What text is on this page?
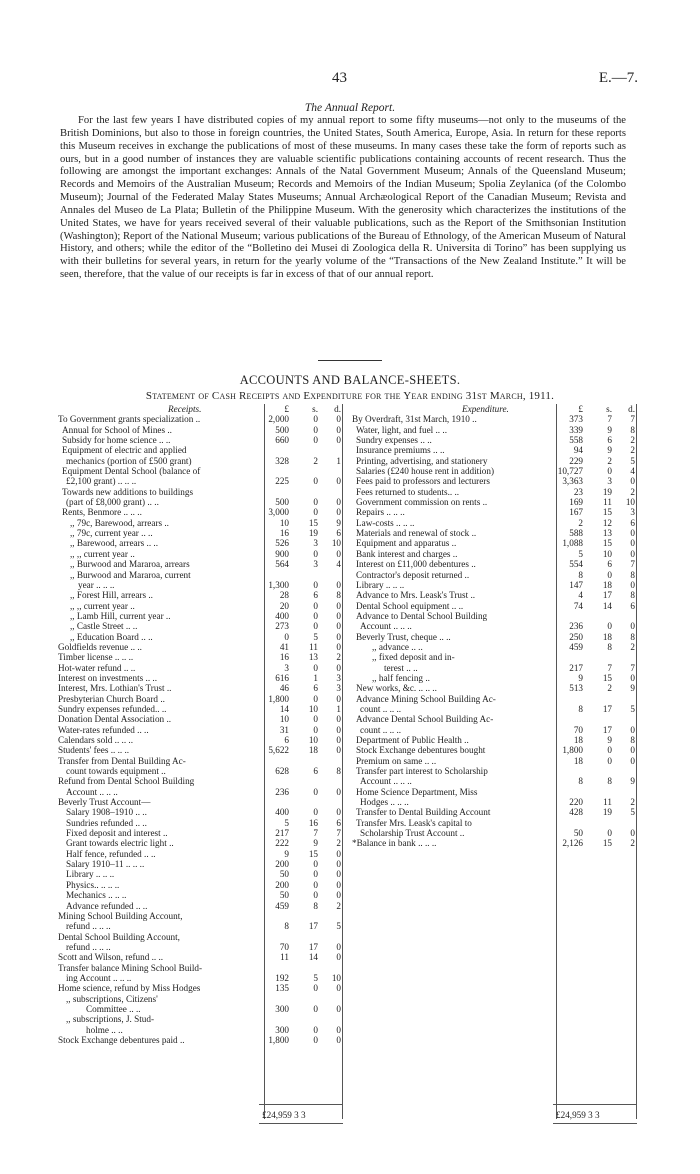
43	E.—7.
The Annual Report.

For the last few years I have distributed copies of my annual report to some fifty museums—not only to the museums of the British Dominions, but also to those in foreign countries, the United States, South America, Europe, Asia. In return for these reports this Museum receives in exchange the publications of most of these museums. In many cases these take the form of reports such as ours, but in a good number of instances they are valuable scientific publications containing accounts of recent research. Thus the following are amongst the important exchanges: Annals of the Natal Government Museum; Annals of the Queensland Museum; Records and Memoirs of the Australian Museum; Records and Memoirs of the Indian Museum; Spolia Zeylanica (of the Colombo Museum); Journal of the Federated Malay States Museums; Annual Archæological Report of the Canadian Museum; Revista and Annales del Museo de La Plata; Bulletin of the Philippine Museum. With the generosity which characterizes the institutions of the United States, we have for years received several of their valuable publications, such as the Report of the Smithsonian Institution (Washington); Report of the National Museum; various publications of the Bureau of Ethnology, of the American Museum of Natural History, and others; while the editor of the “Bolletino dei Musei di Zoologica della R. Universita di Torino” has been supplying us with their bulletins for several years, in return for the yearly volume of the “Transactions of the New Zealand Institute.” It will be seen, therefore, that the value of our receipts is far in excess of that of our annual report.

ACCOUNTS AND BALANCE-SHEETS.
Statement of Cash Receipts and Expenditure for the Year ending 31st March, 1911.
Receipts.	£	s. d.
To Government grants specialization ..	2,000	0 0
Annual for School of Mines ..	500	0 0
Subsidy for home science .. ..	660	0 0
Equipment of electric and applied
mechanics (portion of £500 grant)	328	2 1
Equipment Dental School (balance of
£2,100 grant) .. .. ..	225	0 0
Towards new additions to buildings
(part of £8,000 grant) .. ..	500	0 0
Rents, Benmore .. .. ..	3,000	0 0
,, 79c, Barewood, arrears ..	10 15 9
,, 79c, current year .. ..	16 19 6
,, Barewood, arrears .. ..	526	3 10
,, ,, current year ..	900	0 0
,, Burwood and Mararoa, arrears	564	3 4
,, Burwood and Mararoa, current
year .. .. ..	1,300	0 0
,, Forest Hill, arrears ..	28	6 8
,, ,, current year ..	20	0 0
,, Lamb Hill, current year ..	400	0 0
,, Castle Street .. ..	273	0 0
,, Education Board .. ..	0	5 0
Goldfields revenue .. ..	41 11 0
Timber license .. .. ..	16 13 2
Hot-water refund .. ..	3	0 0
Interest on investments .. ..	616	1 3
Interest, Mrs. Lothian's Trust ..	46	6 3
Presbyterian Church Board ..	1,800	0 0
Sundry expenses refunded.. ..	14 10 1
Donation Dental Association ..	10	0 0
Water-rates refunded .. ..	31	0 0
Calendars sold .. .. ..	6 10 0
Students' fees .. .. ..	5,622 18 0
Transfer from Dental Building Ac-
count towards equipment ..	628	6 8
Refund from Dental School Building
Account .. .. ..	236	0 0
Beverly Trust Account—
Salary 1908–1910 .. ..	400	0 0
Sundries refunded .. ..	5 16 6
Fixed deposit and interest ..	217	7 7
Grant towards electric light ..	222	9 2
Half fence, refunded .. ..	9 15 0
Salary 1910–11 .. .. ..	200	0 0
Library .. .. ..	50	0 0
Physics.. .. .. ..	200	0 0
Mechanics .. .. ..	50	0 0
Advance refunded .. ..	459	8 2
Mining School Building Account,
refund .. .. ..	8 17 5
Dental School Building Account,
refund .. .. ..	70 17 0
Scott and Wilson, refund .. ..	11 14 0
Transfer balance Mining School Build-
ing Account .. .. ..	192	5 10
Home science, refund by Miss Hodges	135	0 0
,, subscriptions, Citizens'
Committee .. ..	300	0 0
,, subscriptions, J. Stud-
holme .. ..	300	0 0
Stock Exchange debentures paid ..	1,800	0 0
Expenditure.	£	s. d.
By Overdraft, 31st March, 1910 ..	373	7 7
Water, light, and fuel .. ..	339	9 8
Sundry expenses .. ..	558	6 2
Insurance premiums .. ..	94	9 2
Printing, advertising, and stationery	229	2 5
Salaries (£240 house rent in addition)	10,727	0 4
Fees paid to professors and lecturers	3,363	3 0
Fees returned to students.. ..	23 19 2
Government commission on rents ..	169 11 10
Repairs .. .. ..	167 15 3
Law-costs .. .. ..	2 12 6
Materials and renewal of stock ..	588 13 0
Equipment and apparatus ..	1,088 15 0
Bank interest and charges ..	5 10 0
Interest on £11,000 debentures ..	554	6 7
Contractor's deposit returned ..	8	0 8
Library .. .. ..	147 18 0
Advance to Mrs. Leask's Trust ..	4 17 8
Dental School equipment .. ..	74 14 6
Advance to Dental School Building
Account .. .. ..	236	0 0
Beverly Trust, cheque .. ..	250 18 8
,, advance .. ..	459	8 2
,, fixed deposit and in-
terest .. ..	217	7 7
,, half fencing ..	9 15 0
New works, &c. .. .. ..	513	2 9
Advance Mining School Building Ac-
count .. .. ..	8 17 5
Advance Dental School Building Ac-
count .. .. ..	70 17 0
Department of Public Health ..	18	9 8
Stock Exchange debentures bought	1,800	0 0
Premium on same .. ..	18	0 0
Transfer part interest to Scholarship
Account .. .. ..	8	8 9
Home Science Department, Miss
Hodges .. .. ..	220 11 2
Transfer to Dental Building Account	428 19 5
Transfer Mrs. Leask's capital to
Scholarship Trust Account ..	50	0 0
*Balance in bank .. .. ..	2,126 15 2
£24,959 3 3	£24,959 3 3
